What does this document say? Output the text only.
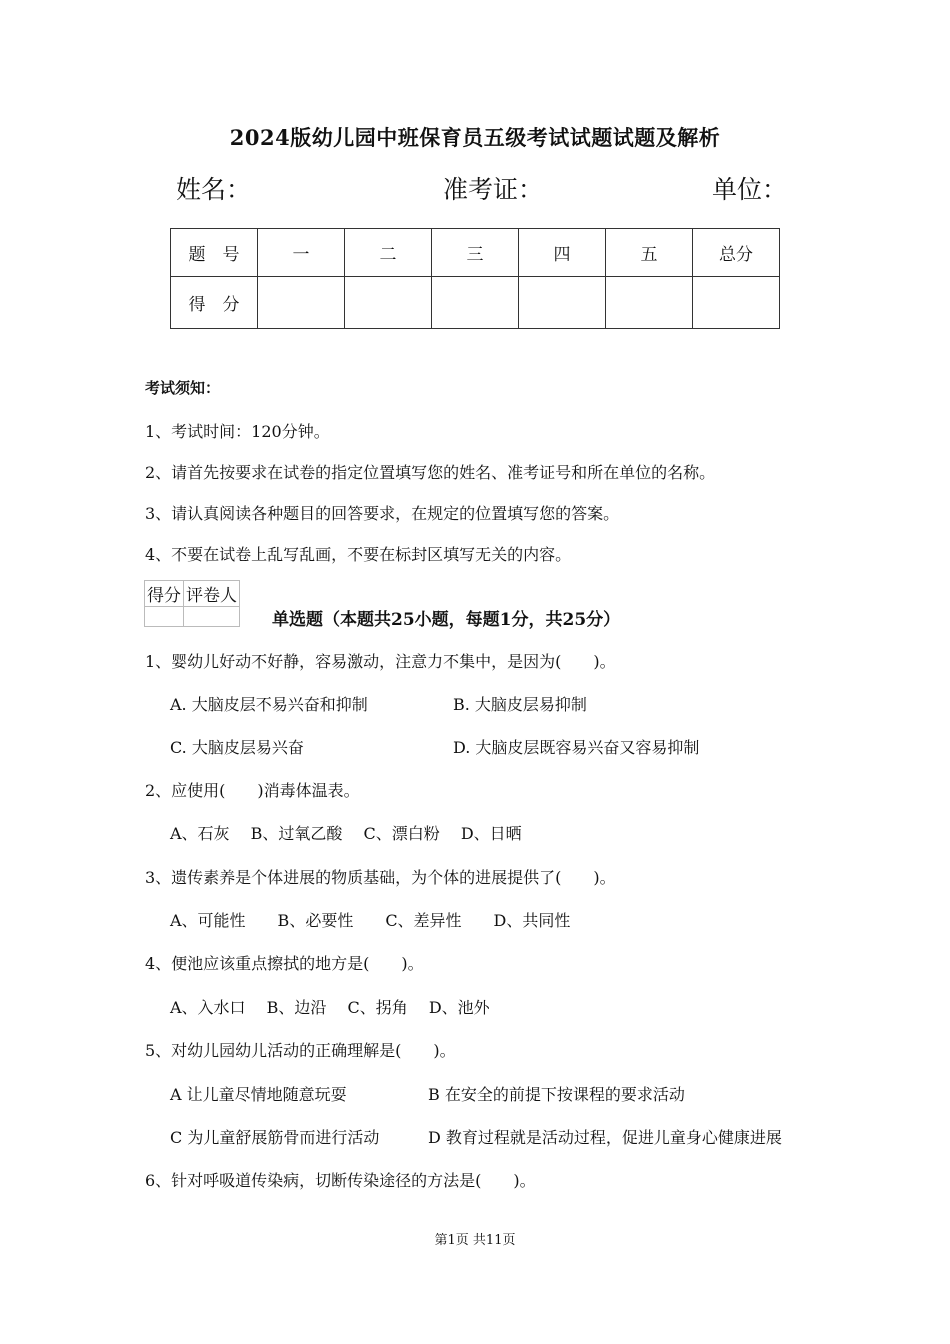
2024版幼儿园中班保育员五级考试试题试题及解析
姓名：	准考证：	单位：
题　号	一	二	三	四	五	总分
得　分						
考试须知：
1、考试时间：120分钟。
2、请首先按要求在试卷的指定位置填写您的姓名、准考证号和所在单位的名称。
3、请认真阅读各种题目的回答要求，在规定的位置填写您的答案。
4、不要在试卷上乱写乱画，不要在标封区填写无关的内容。
得分	评卷人

单选题（本题共25小题，每题1分，共25分）
1、婴幼儿好动不好静，容易激动，注意力不集中，是因为(　　)。
A. 大脑皮层不易兴奋和抑制	B. 大脑皮层易抑制
C. 大脑皮层易兴奋	D. 大脑皮层既容易兴奋又容易抑制
2、应使用(　　)消毒体温表。
A、石灰　 B、过氧乙酸　 C、漂白粉　 D、日晒
3、遗传素养是个体进展的物质基础，为个体的进展提供了(　　)。
A、可能性　　B、必要性　　C、差异性　　D、共同性
4、便池应该重点擦拭的地方是(　　)。
A、入水口　 B、边沿　 C、拐角　 D、池外
5、对幼儿园幼儿活动的正确理解是(　　)。
A 让儿童尽情地随意玩耍	B 在安全的前提下按课程的要求活动
C 为儿童舒展筋骨而进行活动	D 教育过程就是活动过程，促进儿童身心健康进展
6、针对呼吸道传染病，切断传染途径的方法是(　　)。
第1页 共11页
